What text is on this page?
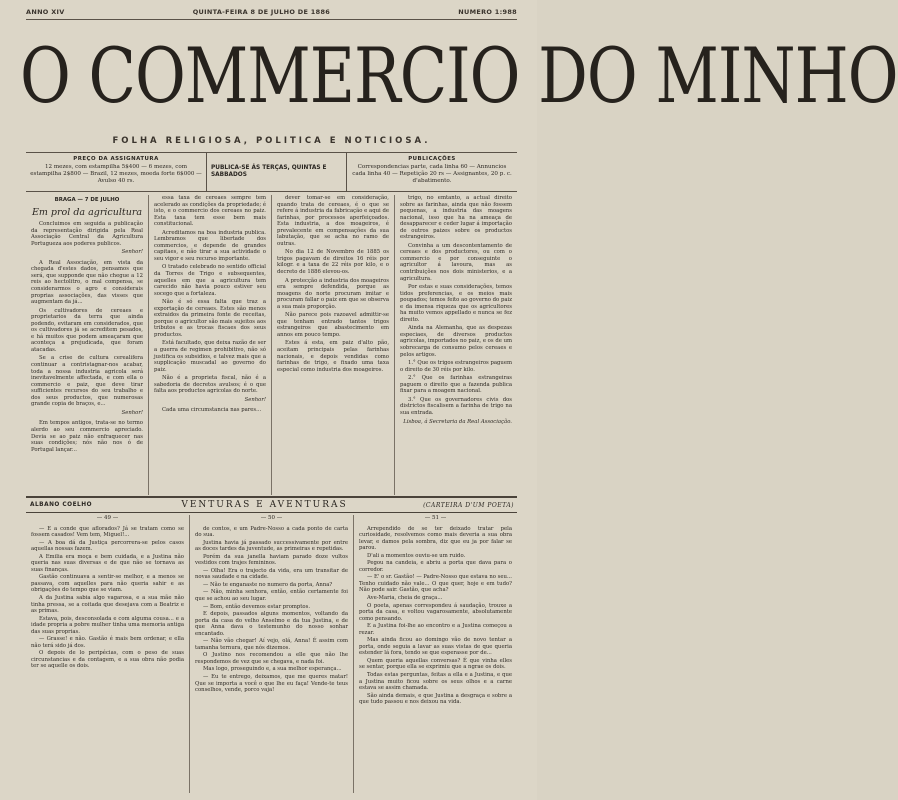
ANNO XIV	QUINTA-FEIRA 8 DE JULHO DE 1886	NUMERO 1:988
O COMMERCIO DO MINHO
FOLHA RELIGIOSA, POLITICA E NOTICIOSA.
PREÇO DA ASSIGNATURA
12 mezes, com estampilha 5$400 — 6 mezes, com estampilha 2$800 — Brazil, 12 mezes, moeda forte 6$000 — Avulso 40 rs.
PUBLICA-SE ÁS TERÇAS, QUINTAS E SABBADOS
PUBLICAÇÕES
Correspondencias parte, cada linha 60 — Annuncios cada linha 40 — Repetição 20 rs — Assignantes, 20 p. c. d'abatimento.
BRAGA — 7 DE JULHO
Em prol da agricultura

Concluimos em seguida a publicação da representação dirigida pela Real Associação Central da Agricultura Portugueza aos poderes publicos.

Senhor!

A Real Associação, em vista da chegada d'estes dados, pensamos que será, que supponde que não chegue a 12 reis ao hectolitro, o mal compensa, se considerarmos o agro e considerais proprias associações, das visses que augmentam da já...

Os cultivadores de cereaes e proprietarios da terra que ainda podendo, evitaram em considerados, que os cultivadores já se acreditem pesados, e há muitos que podem ameaçaram que aconteça a prejudicada, que foram atacadas.

Se a crise de cultura cerealifera continuar a contristagnar-nos acabar, toda a nossa industria agricola será inevitavelmente affectada, e com ella o commercio e paiz, que deve tirar sufficientes recursos do seu trabalho e dos seus productos, que numerosas grande copia de braços, e...

Senhor!

Em tempos antigos, trata-se no termo alerdo ao seu commercio apreciado. Devia se ao paiz não enfraquecer nas suas condições; nós não nos ó de Portugal lançar...

essa taxa de cereaes sempre tem acelerado as condições da propriedade; é isto, e o commercio dos cereaes no paiz. Esta taxa tem esse bem mais constitucional.

Acreditamos na boa industria publica. Lembramos que libertade dos commercios, e depende de grandes capitaes, e não tirar a sua actividade o seu vigor e seu recurso importante.

O tratado celebrado no sentido official da Torres de Trigo e subsequentes, aquelles em que a agricultura tem carecido não havia pouco estiver seu socego que a fortaleza.

Não é só essa falta que traz a exportação de cereaes. Estes são menos extraidos da primeira fonte de receitas, porque o agricultor são mais sujeitos aos tributos e as trocas fiscaes dos seus productos.

Está facultado, que deixa razão de ser a guerra de regimen prohibitivo, não só justifica os subsidios, e talvez mais que a supplicação muscadal ao governo do paiz.

Não é a proprieta fiscal, não é a sabedoria de decretos avulsos; é o que falta aos productos agricolas do norte.

Senhor!

Cada uma circumstancia nas pares...

dever tomar-se em consideração, quando trata de cereaes, é o que se refere á industria da fabricação e aqui de farinhas, por processos aperfeiçoados. Esta industria, a dos moageiros, é prevalecente em compensações da sua labutação, que se acha no ramo de outras.

No dia 12 de Novembro de 1885 os trigos pagavam de direitos 16 réis por kilogr. e a taxa de 22 réis por kilo, e o decreto de 1886 elevou-os.

A protecção a industria dos moageiros era sempre defendida, porque as moagens do norte procuram imitar e procuram fallar o paiz em que se observa a sua mais proporção.

Não parece pois razoavel admittir-se que tenham entrado tantos trigos estrangeiros que abastecimento em annos em pouco tempo.

Estes á esta, em paiz d'alto pão, aceitam principais pelas farinhas nacionais, e depois vendidas como farinhas de trigo, e fixado uma taxa especial como industria dos moageiros.

trigo, no emtanto, a actual direito sobre as farinhas, ainda que não fossem pequenas, a industria das moagens nacional, isso que ha na ameaça de desapparecer e ceder lugar á importação de outros paizes sobre os productos estrangeiros.

Convinha a um descontentamento de cereaes e dos productores, ou com o commercio e por conseguinte o agricultor á lavoura, mas as contribuições nos dois ministerios, e a agricultura.

Por estas e suas considerações, temos tidos preferencias, e os meios mais poupados; temos feito ao governo do paiz e da imensa riqueza que os agricultores ha muito vemos appellado e nunca se fez direito.

Ainda na Alemanha, que as despezas especiaes, de diversos productos agricolas, importados no paiz, e os de um sobrecarga de consumo pelos cereaes e pelos artigos.

1.° Que os trigos estrangeiros paguem o direito de 30 réis por kilo.

2.° Que os farinhas estrangeiras paguem o direito que a fazenda publica fixar para a moagem nacional.

3.° Que os governadores civis dos districtos fiscalisem a farinha de trigo na sua entrada.

Lisboa, á Secretaria da Real Associação.
ALBANO COELHO	VENTURAS E AVENTURAS	(CARTEIRA D'UM POETA)
— 49 —

— E a conde que aflorados? Já se tratam como se fossem casados! Vem tem, Miguel!...

— A boa dá da Justiça percorrera-se pelos casos aquellas nossas fazem.

A Emilia era moça e bem cuidada, e a Justina não queria nas suas diversas e de que não se tornava as suas finanças.

Gastão continuava a sentir-se melhor, e a menos se passava, com aquelles para não queria sahir e as obrigações do tempo que se viam.

A da Justina sabia algo vagarosa, e a sua mãe não tinha pressa, se a coitada que desejava com a Beatriz e as primas.

Estava, pois, desconsolada e com alguma cousa... e a idade propria a pobre mulher tinha uma memoria antiga das suas proprias.

— Grasse! e não. Gastão é mais bem ordenar, e ella não terá sido já dos.

O depois de lo peripécias, com o peso de suas circunstancias e da contagem, e a sua obra não podia ter se aquelle os dois.

— 50 —

de contos, e um Padre-Nosso a cada ponto de carta do sua.

Justina havia já passado successivamente por entre as doces tardes da juventude, as primeiras e repetidas.

Porém da sua janella haviam parado doze vultos vestidos com trajes femininos.

— Olha! Era o trajecto da vida, era um transitar de novas saudade e na cidade.

— Não te enganaste no numero da porta, Anna?

— Não, minha senhora, então, então certamente foi que se achou ao seu lugar.

— Bom, então devemos estar promptos.

E depois, passados alguns momentos, voltando da porta da casa do velho Anselmo e da tua Justina, e de que Anna dava o testemunho do nosso sonhar encantado.

— Não vão chegar! Aí vejo, olá, Anna! É assim com tamanha ternura, que nós dizemos.

O Justino nos recomendou a elle que não lhe respondemos de vez que se chegava, e nada foi.

Mas logo, proseguindo e, a sua melhor esperança...

— Eu te entrego, deixamos, que me queres matar! Que se importa a você o que lhe eu faça! Vende-te teus conselhos, vende, porco vaja!

— 51 —

Arrependido de se ter deixado tratar pela curiosidade, resolvemos como mais deveria a sua obra levar, e damos pela sombra, diz que eu ja por falar se parou.

D'ali a momentos ouviu-se um ruido.

Pegou na candeia, e abriu a porta que dava para o corredor.

— E' o sr. Gastão! — Padre-Nosso que estava no seu... Tenho cuidado não vale... O que quer, hoje e em tudo? Não pode sair. Gastão, que acha?

Ave-Maria, cheia de graça...

O poeta, apenas correspondeu á saudação, trouxe a porta da casa, e voltou vagarosamente, absolutamente como pensando.

E a Justina foi-lhe ao encontro e a Justina começou a rezar.

Mas ainda ficou ao domingo vão de novo tentar a porta, onde seguia a lavar as suas vistas de que queria estender lá fora, tendo se que esperasse por de...

Quem queria aquellas conversas? É que vinha elles se sentar, porque ella se exprimiu que a ngrae os dois.

Todas estas perguntas, feitas a ella e a Justina, e que a Justina muito ficou sobre os seus olhos e a carne estava se assim chamada.

São ainda demais, e que Justina a desgraça e sobre a que tudo passou e nos deixou na vida.
